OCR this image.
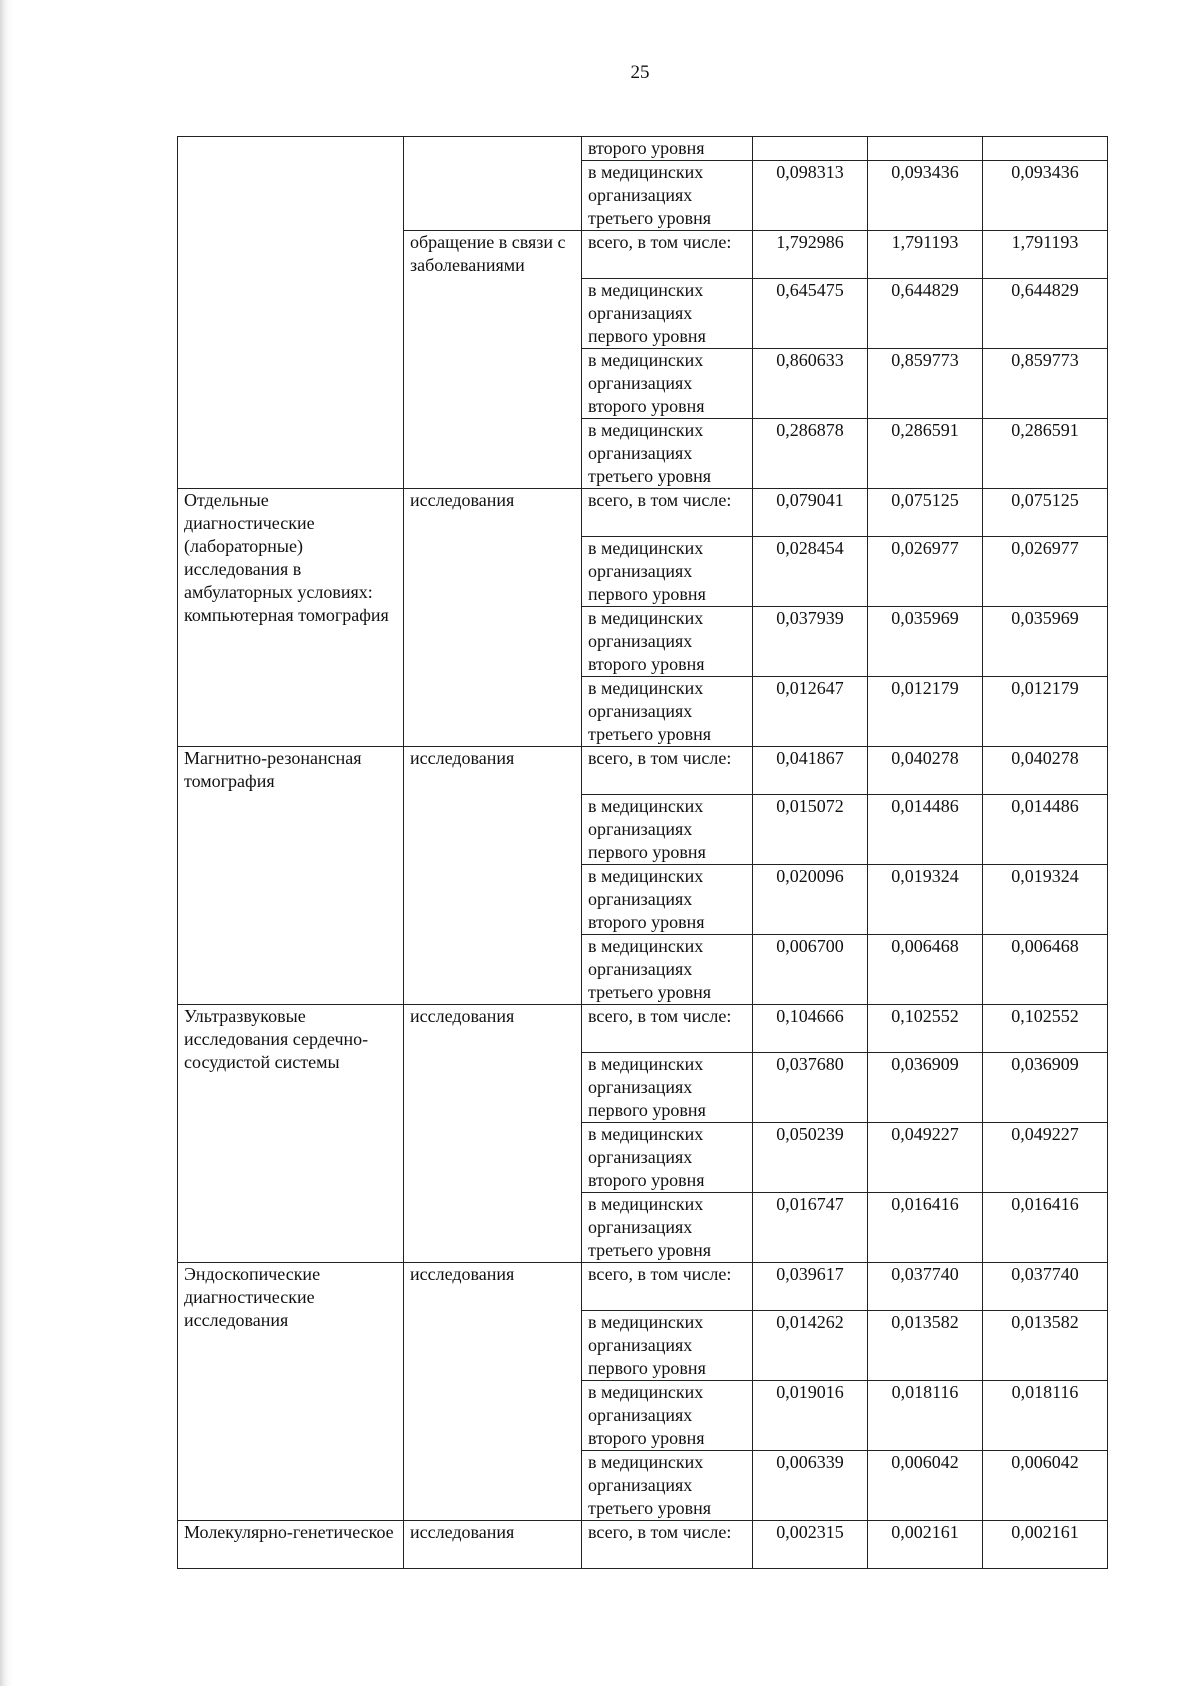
25
		второго уровня			
		в медицинских организациях третьего уровня	0,098313	0,093436	0,093436
	обращение в связи с заболеваниями	всего, в том числе:	1,792986	1,791193	1,791193
		в медицинских организациях первого уровня	0,645475	0,644829	0,644829
		в медицинских организациях второго уровня	0,860633	0,859773	0,859773
		в медицинских организациях третьего уровня	0,286878	0,286591	0,286591
Отдельные диагностические (лабораторные) исследования в амбулаторных условиях: компьютерная томография	исследования	всего, в том числе:	0,079041	0,075125	0,075125
		в медицинских организациях первого уровня	0,028454	0,026977	0,026977
		в медицинских организациях второго уровня	0,037939	0,035969	0,035969
		в медицинских организациях третьего уровня	0,012647	0,012179	0,012179
Магнитно-резонансная томография	исследования	всего, в том числе:	0,041867	0,040278	0,040278
		в медицинских организациях первого уровня	0,015072	0,014486	0,014486
		в медицинских организациях второго уровня	0,020096	0,019324	0,019324
		в медицинских организациях третьего уровня	0,006700	0,006468	0,006468
Ультразвуковые исследования сердечно-сосудистой системы	исследования	всего, в том числе:	0,104666	0,102552	0,102552
		в медицинских организациях первого уровня	0,037680	0,036909	0,036909
		в медицинских организациях второго уровня	0,050239	0,049227	0,049227
		в медицинских организациях третьего уровня	0,016747	0,016416	0,016416
Эндоскопические диагностические исследования	исследования	всего, в том числе:	0,039617	0,037740	0,037740
		в медицинских организациях первого уровня	0,014262	0,013582	0,013582
		в медицинских организациях второго уровня	0,019016	0,018116	0,018116
		в медицинских организациях третьего уровня	0,006339	0,006042	0,006042
Молекулярно-генетическое	исследования	всего, в том числе:	0,002315	0,002161	0,002161
